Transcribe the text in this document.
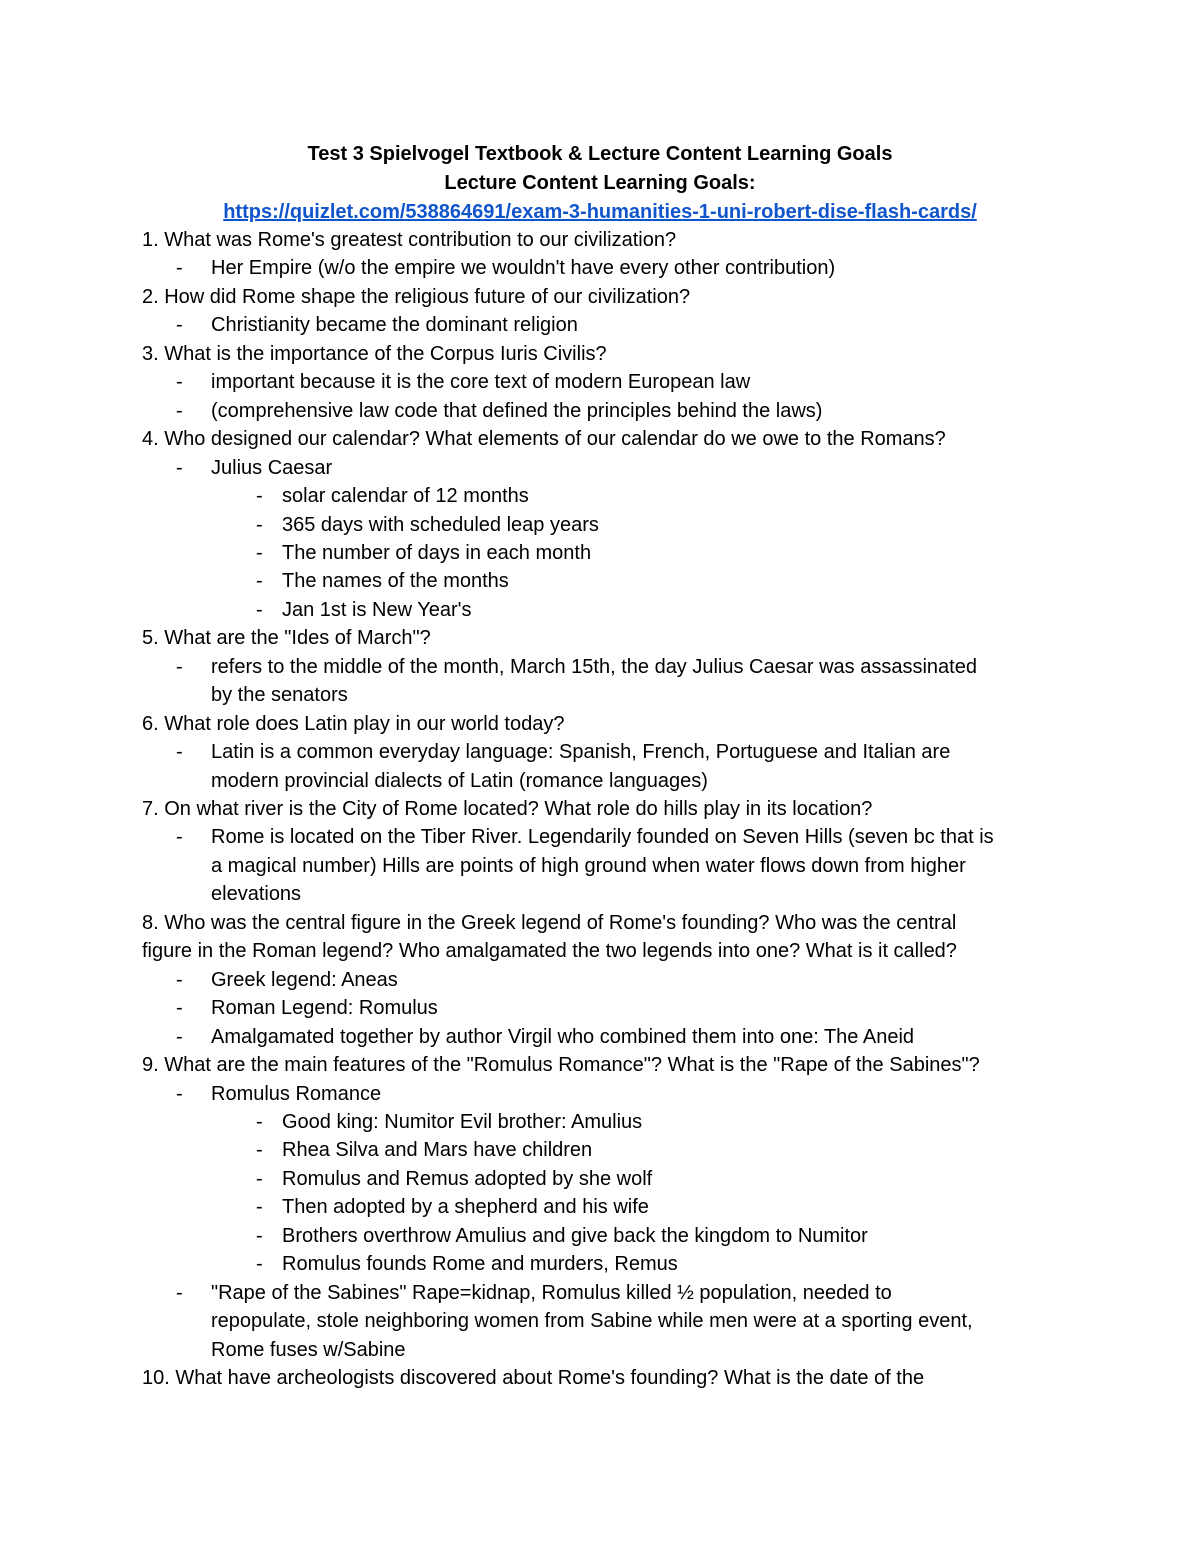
Test 3 Spielvogel Textbook & Lecture Content Learning Goals
Lecture Content Learning Goals:
https://quizlet.com/538864691/exam-3-humanities-1-uni-robert-dise-flash-cards/
1. What was Rome's greatest contribution to our civilization?
- Her Empire (w/o the empire we wouldn't have every other contribution)
2. How did Rome shape the religious future of our civilization?
- Christianity became the dominant religion
3. What is the importance of the Corpus Iuris Civilis?
- important because it is the core text of modern European law
- (comprehensive law code that defined the principles behind the laws)
4. Who designed our calendar? What elements of our calendar do we owe to the Romans?
- Julius Caesar
- solar calendar of 12 months
- 365 days with scheduled leap years
- The number of days in each month
- The names of the months
- Jan 1st is New Year's
5. What are the "Ides of March"?
- refers to the middle of the month, March 15th, the day Julius Caesar was assassinated
by the senators
6. What role does Latin play in our world today?
- Latin is a common everyday language: Spanish, French, Portuguese and Italian are
modern provincial dialects of Latin (romance languages)
7. On what river is the City of Rome located? What role do hills play in its location?
- Rome is located on the Tiber River. Legendarily founded on Seven Hills (seven bc that is
a magical number) Hills are points of high ground when water flows down from higher
elevations
8. Who was the central figure in the Greek legend of Rome's founding? Who was the central
figure in the Roman legend? Who amalgamated the two legends into one? What is it called?
- Greek legend: Aneas
- Roman Legend: Romulus
- Amalgamated together by author Virgil who combined them into one: The Aneid
9. What are the main features of the "Romulus Romance"? What is the "Rape of the Sabines"?
- Romulus Romance
- Good king: Numitor Evil brother: Amulius
- Rhea Silva and Mars have children
- Romulus and Remus adopted by she wolf
- Then adopted by a shepherd and his wife
- Brothers overthrow Amulius and give back the kingdom to Numitor
- Romulus founds Rome and murders, Remus
- "Rape of the Sabines" Rape=kidnap, Romulus killed ½ population, needed to
repopulate, stole neighboring women from Sabine while men were at a sporting event,
Rome fuses w/Sabine
10. What have archeologists discovered about Rome's founding? What is the date of the
